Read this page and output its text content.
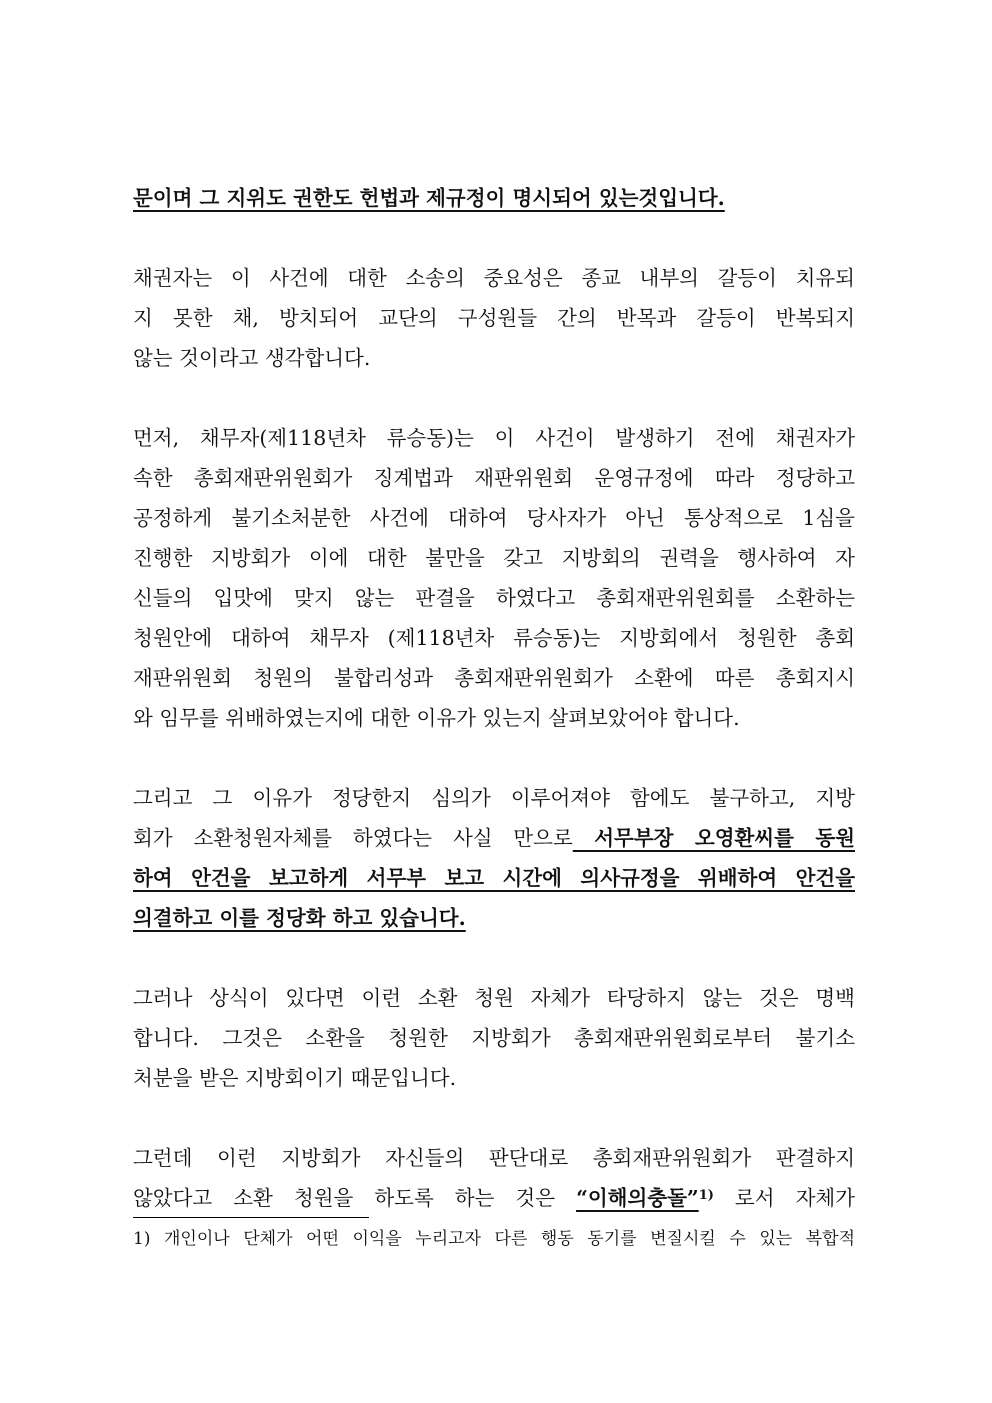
문이며 그 지위도 권한도 헌법과 제규정이 명시되어 있는것입니다.
채권자는 이 사건에 대한 소송의 중요성은 종교 내부의 갈등이 치유되
지 못한 채, 방치되어 교단의 구성원들 간의 반목과 갈등이 반복되지
않는 것이라고 생각합니다.
먼저, 채무자(제118년차 류승동)는 이 사건이 발생하기 전에 채권자가
속한 총회재판위원회가 징계법과 재판위원회 운영규정에 따라 정당하고
공정하게 불기소처분한 사건에 대하여 당사자가 아닌 통상적으로 1심을
진행한 지방회가 이에 대한 불만을 갖고 지방회의 권력을 행사하여 자
신들의 입맛에 맞지 않는 판결을 하였다고 총회재판위원회를 소환하는
청원안에 대하여 채무자 (제118년차 류승동)는 지방회에서 청원한 총회
재판위원회 청원의 불합리성과 총회재판위원회가 소환에 따른 총회지시
와 임무를 위배하였는지에 대한 이유가 있는지 살펴보았어야 합니다.
그리고 그 이유가 정당한지 심의가 이루어져야 함에도 불구하고, 지방
회가 소환청원자체를 하였다는 사실 만으로 서무부장 오영환씨를 동원
하여 안건을 보고하게 서무부 보고 시간에 의사규정을 위배하여 안건을
의결하고 이를 정당화 하고 있습니다.
그러나 상식이 있다면 이런 소환 청원 자체가 타당하지 않는 것은 명백
합니다. 그것은 소환을 청원한 지방회가 총회재판위원회로부터 불기소
처분을 받은 지방회이기 때문입니다.
그런데 이런 지방회가 자신들의 판단대로 총회재판위원회가 판결하지
않았다고 소환 청원을 하도록 하는 것은 “이해의충돌”$^{1)}$ 로서 자체가
1) 개인이나 단체가 어떤 이익을 누리고자 다른 행동 동기를 변질시킬 수 있는 복합적
